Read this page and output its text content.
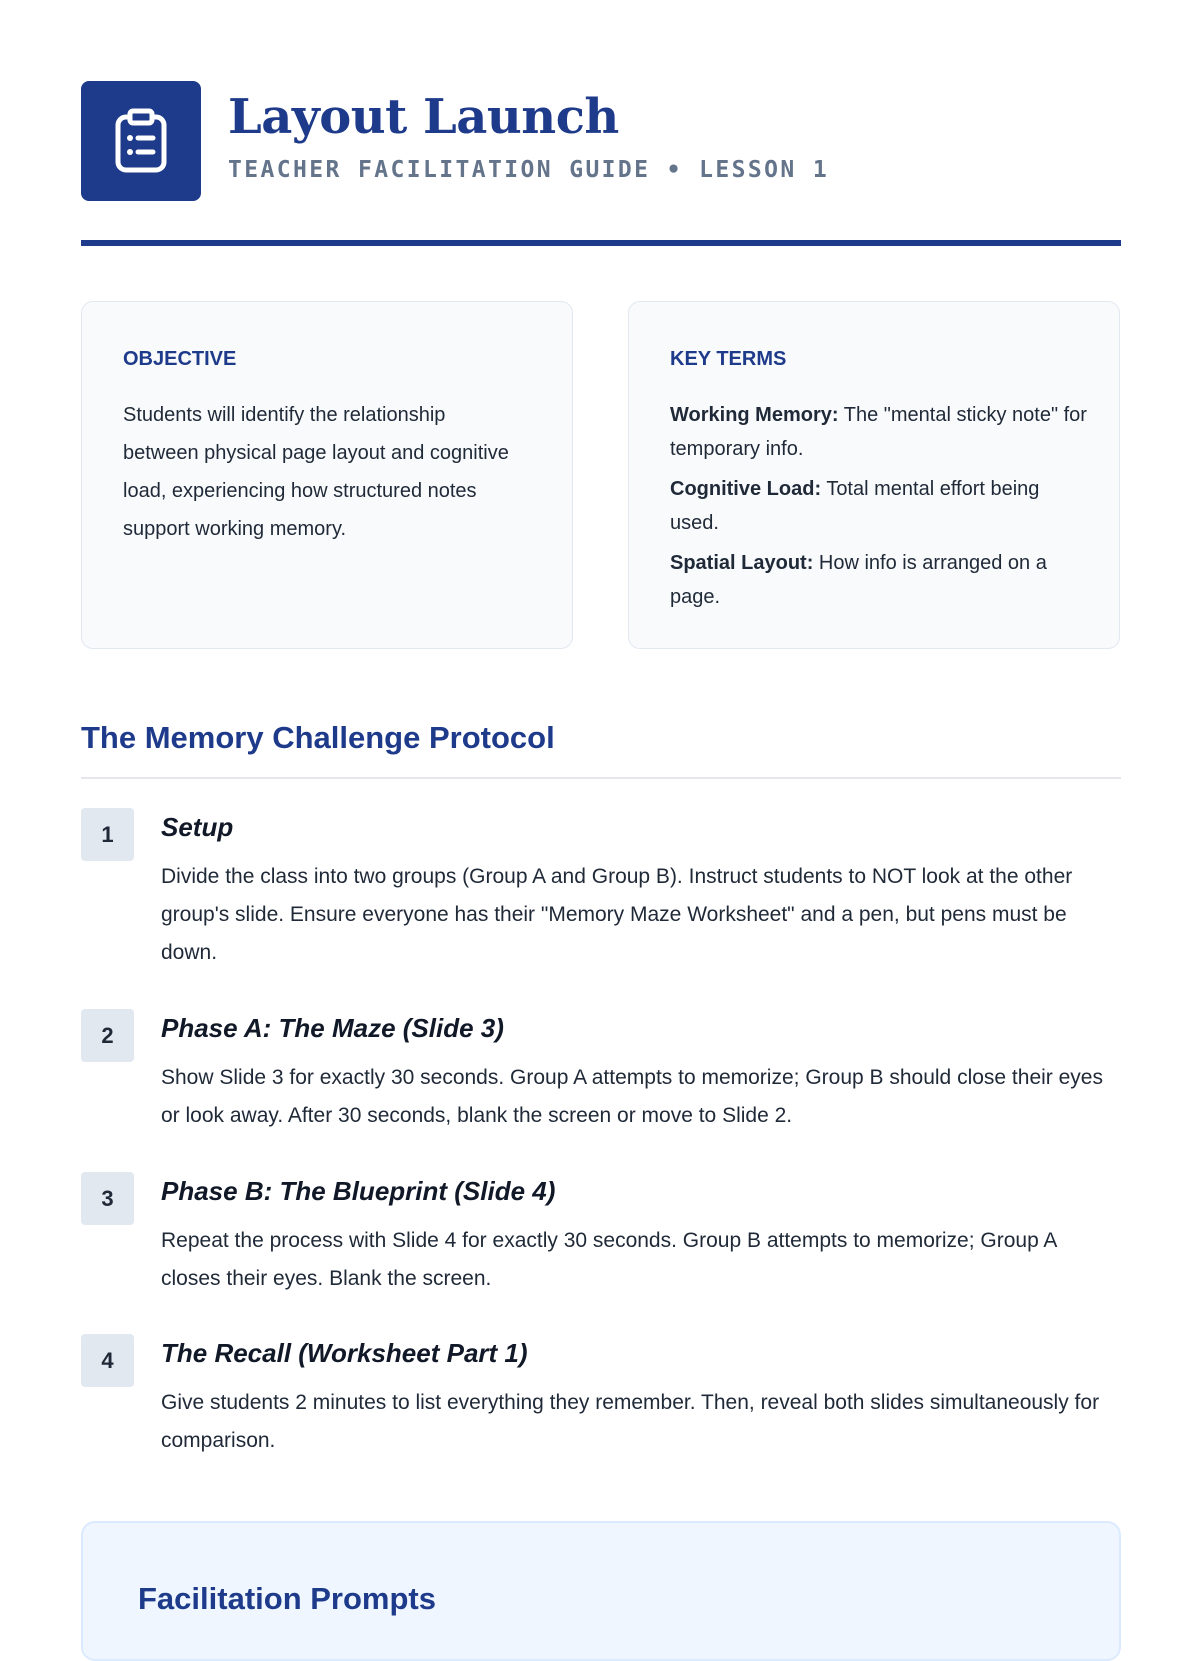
Layout Launch
TEACHER FACILITATION GUIDE • LESSON 1
OBJECTIVE
Students will identify the relationship between physical page layout and cognitive load, experiencing how structured notes support working memory.
KEY TERMS
Working Memory: The "mental sticky note" for temporary info.
Cognitive Load: Total mental effort being used.
Spatial Layout: How info is arranged on a page.
The Memory Challenge Protocol
1	Setup
Divide the class into two groups (Group A and Group B). Instruct students to NOT look at the other group's slide. Ensure everyone has their "Memory Maze Worksheet" and a pen, but pens must be down.
2	Phase A: The Maze (Slide 3)
Show Slide 3 for exactly 30 seconds. Group A attempts to memorize; Group B should close their eyes or look away. After 30 seconds, blank the screen or move to Slide 2.
3	Phase B: The Blueprint (Slide 4)
Repeat the process with Slide 4 for exactly 30 seconds. Group B attempts to memorize; Group A closes their eyes. Blank the screen.
4	The Recall (Worksheet Part 1)
Give students 2 minutes to list everything they remember. Then, reveal both slides simultaneously for comparison.
Facilitation Prompts
